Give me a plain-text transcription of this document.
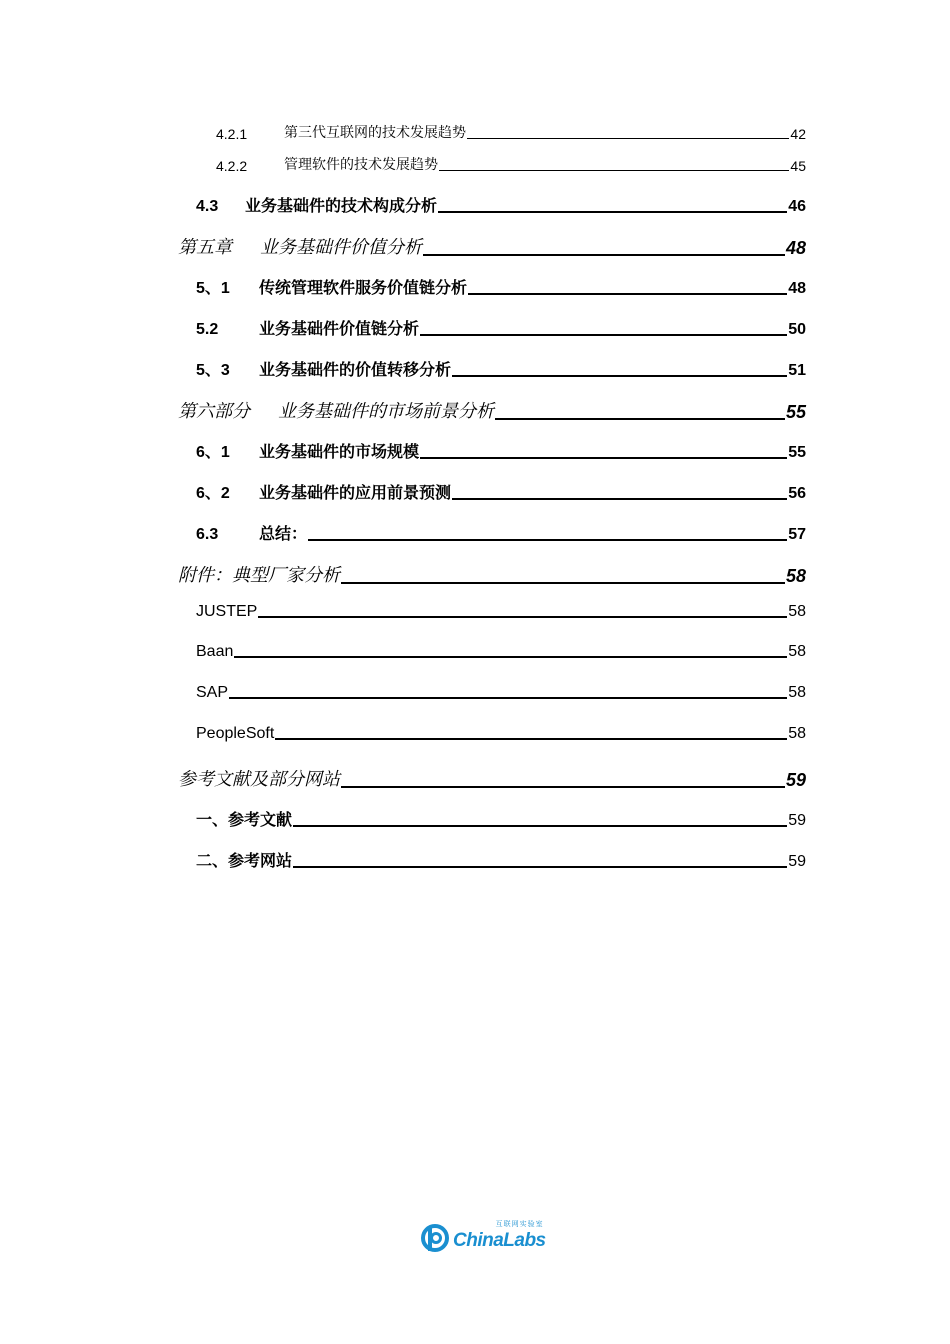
4.2.1	第三代互联网的技术发展趋势	42
4.2.2	管理软件的技术发展趋势	45
4.3	业务基础件的技术构成分析	46
第五章	业务基础件价值分析	48
5、1	传统管理软件服务价值链分析	48
5.2	业务基础件价值链分析	50
5、3	业务基础件的价值转移分析	51
第六部分	业务基础件的市场前景分析	55
6、1	业务基础件的市场规模	55
6、2	业务基础件的应用前景预测	56
6.3	总结：	57
附件：典型厂家分析	58
JUSTEP	58
Baan	58
SAP	58
PeopleSoft	58
参考文献及部分网站	59
一、参考文献	59
二、参考网站	59
互联网实验室
ChinaLabs
